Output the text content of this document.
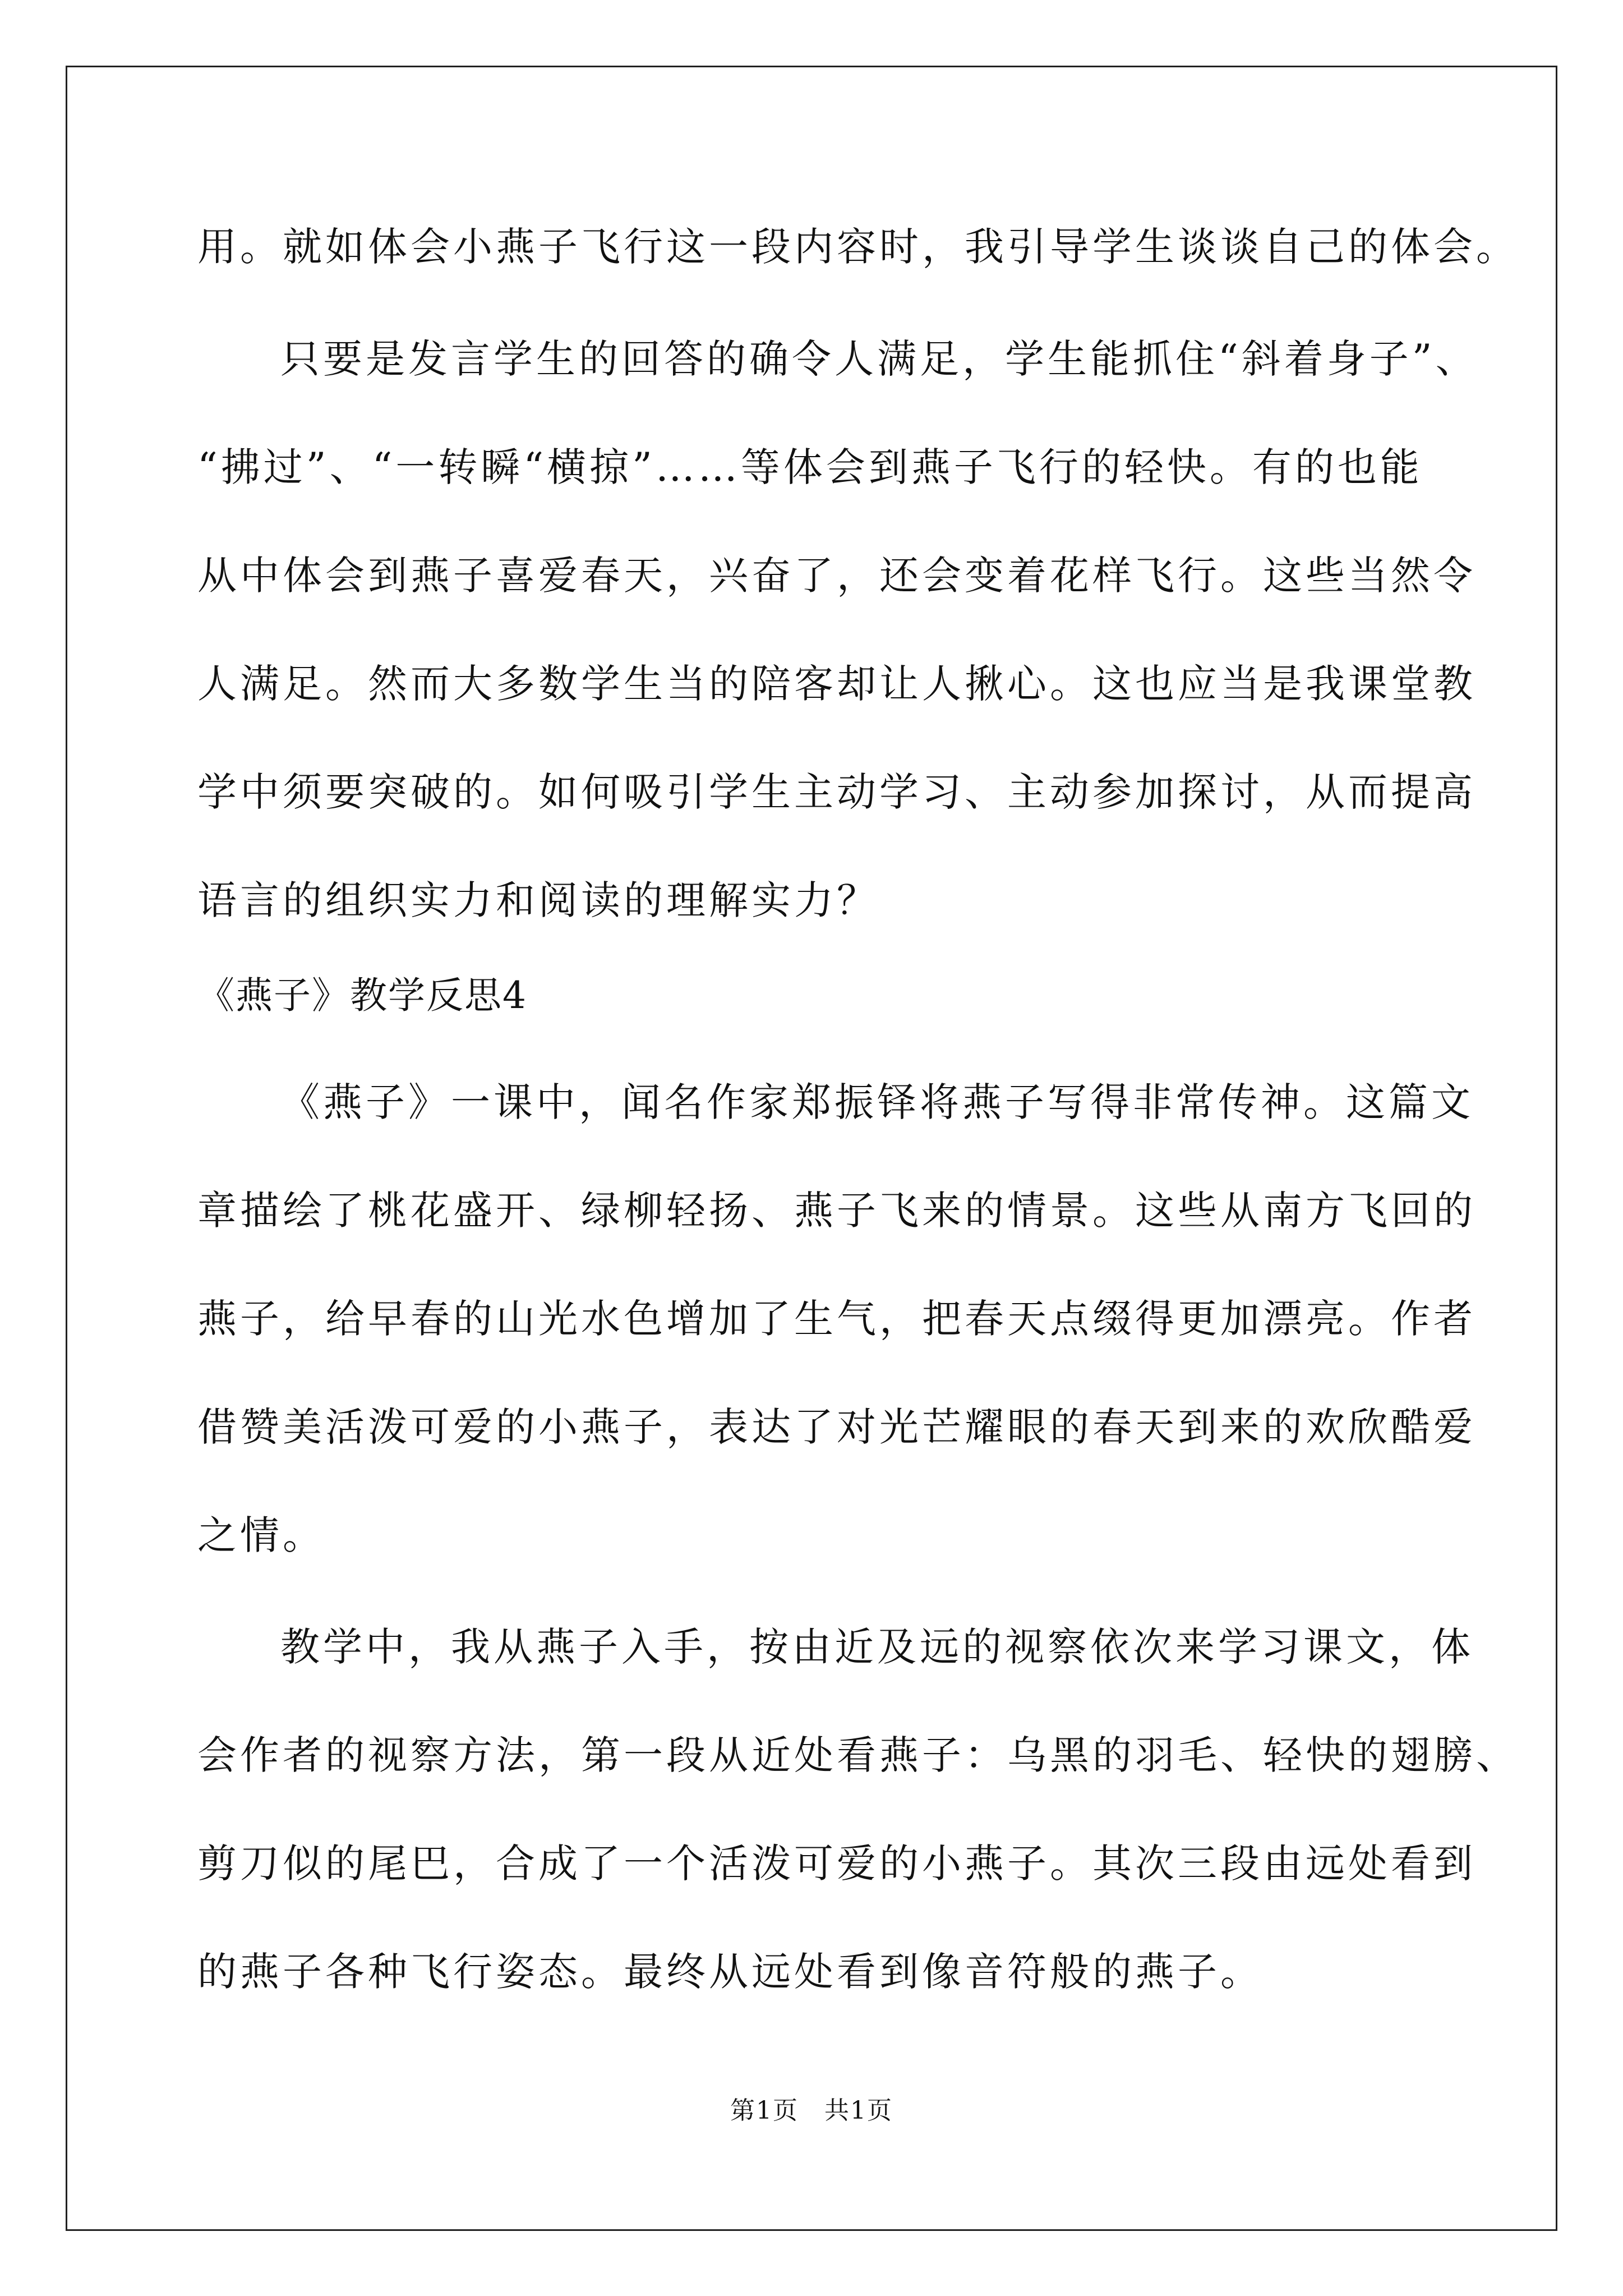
用。就如体会小燕子飞行这一段内容时，我引导学生谈谈自己的体会。
只要是发言学生的回答的确令人满足，学生能抓住“斜着身子”、
“拂过”、“一转瞬“横掠”……等体会到燕子飞行的轻快。有的也能
从中体会到燕子喜爱春天，兴奋了，还会变着花样飞行。这些当然令
人满足。然而大多数学生当的陪客却让人揪心。这也应当是我课堂教
学中须要突破的。如何吸引学生主动学习、主动参加探讨，从而提高
语言的组织实力和阅读的理解实力？
《燕子》教学反思4
《燕子》一课中，闻名作家郑振铎将燕子写得非常传神。这篇文
章描绘了桃花盛开、绿柳轻扬、燕子飞来的情景。这些从南方飞回的
燕子，给早春的山光水色增加了生气，把春天点缀得更加漂亮。作者
借赞美活泼可爱的小燕子，表达了对光芒耀眼的春天到来的欢欣酷爱
之情。
教学中，我从燕子入手，按由近及远的视察依次来学习课文，体
会作者的视察方法，第一段从近处看燕子：乌黑的羽毛、轻快的翅膀、
剪刀似的尾巴，合成了一个活泼可爱的小燕子。其次三段由远处看到
的燕子各种飞行姿态。最终从远处看到像音符般的燕子。
第1页　共1页
